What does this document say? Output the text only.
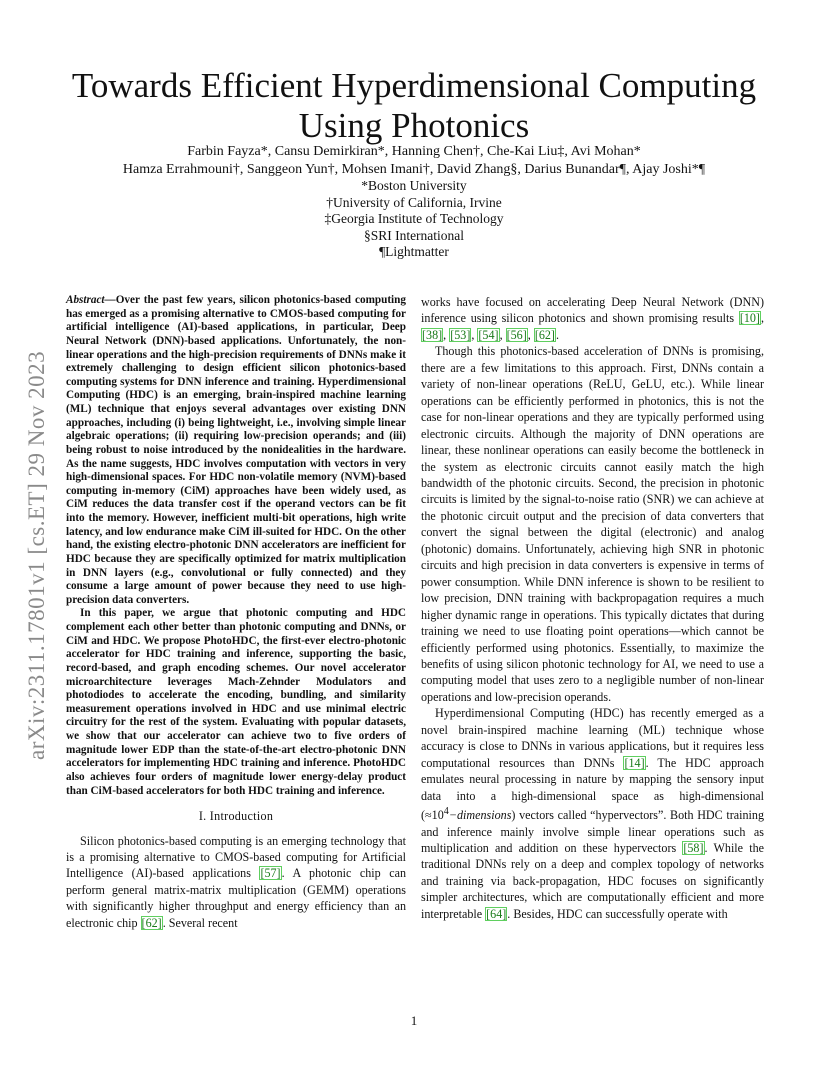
arXiv:2311.17801v1 [cs.ET] 29 Nov 2023
Towards Efficient Hyperdimensional Computing
Using Photonics
Farbin Fayza*, Cansu Demirkiran*, Hanning Chen†, Che-Kai Liu‡, Avi Mohan*
Hamza Errahmouni†, Sanggeon Yun†, Mohsen Imani†, David Zhang§, Darius Bunandar¶, Ajay Joshi*¶
*Boston University
†University of California, Irvine
‡Georgia Institute of Technology
§SRI International
¶Lightmatter

Abstract—Over the past few years, silicon photonics-based computing has emerged as a promising alternative to CMOS-based computing for artificial intelligence (AI)-based applications, in particular, Deep Neural Network (DNN)-based applications. Unfortunately, the non-linear operations and the high-precision requirements of DNNs make it extremely challenging to design efficient silicon photonics-based computing systems for DNN inference and training. Hyperdimensional Computing (HDC) is an emerging, brain-inspired machine learning (ML) technique that enjoys several advantages over existing DNN approaches, including (i) being lightweight, i.e., involving simple linear algebraic operations; (ii) requiring low-precision operands; and (iii) being robust to noise introduced by the nonidealities in the hardware. As the name suggests, HDC involves computation with vectors in very high-dimensional spaces. For HDC non-volatile memory (NVM)-based computing in-memory (CiM) approaches have been widely used, as CiM reduces the data transfer cost if the operand vectors can be fit into the memory. However, inefficient multi-bit operations, high write latency, and low endurance make CiM ill-suited for HDC. On the other hand, the existing electro-photonic DNN accelerators are inefficient for HDC because they are specifically optimized for matrix multiplication in DNN layers (e.g., convolutional or fully connected) and they consume a large amount of power because they need to use high-precision data converters.

In this paper, we argue that photonic computing and HDC complement each other better than photonic computing and DNNs, or CiM and HDC. We propose PhotoHDC, the first-ever electro-photonic accelerator for HDC training and inference, supporting the basic, record-based, and graph encoding schemes. Our novel accelerator microarchitecture leverages Mach-Zehnder Modulators and photodiodes to accelerate the encoding, bundling, and similarity measurement operations involved in HDC and use minimal electric circuitry for the rest of the system. Evaluating with popular datasets, we show that our accelerator can achieve two to five orders of magnitude lower EDP than the state-of-the-art electro-photonic DNN accelerators for implementing HDC training and inference. PhotoHDC also achieves four orders of magnitude lower energy-delay product than CiM-based accelerators for both HDC training and inference.

I. Introduction

Silicon photonics-based computing is an emerging technology that is a promising alternative to CMOS-based computing for Artificial Intelligence (AI)-based applications [57]. A photonic chip can perform general matrix-matrix multiplication (GEMM) operations with significantly higher throughput and energy efficiency than an electronic chip [62]. Several recent

works have focused on accelerating Deep Neural Network (DNN) inference using silicon photonics and shown promising results [10], [38], [53], [54], [56], [62].

Though this photonics-based acceleration of DNNs is promising, there are a few limitations to this approach. First, DNNs contain a variety of non-linear operations (ReLU, GeLU, etc.). While linear operations can be efficiently performed in photonics, this is not the case for non-linear operations and they are typically performed using electronic circuits. Although the majority of DNN operations are linear, these nonlinear operations can easily become the bottleneck in the system as electronic circuits cannot easily match the high bandwidth of the photonic circuits. Second, the precision in photonic circuits is limited by the signal-to-noise ratio (SNR) we can achieve at the photonic circuit output and the precision of data converters that convert the signal between the digital (electronic) and analog (photonic) domains. Unfortunately, achieving high SNR in photonic circuits and high precision in data converters is expensive in terms of power consumption. While DNN inference is shown to be resilient to low precision, DNN training with backpropagation requires a much higher dynamic range in operations. This typically dictates that during training we need to use floating point operations—which cannot be efficiently performed using photonics. Essentially, to maximize the benefits of using silicon photonic technology for AI, we need to use a computing model that uses zero to a negligible number of non-linear operations and low-precision operands.

Hyperdimensional Computing (HDC) has recently emerged as a novel brain-inspired machine learning (ML) technique whose accuracy is close to DNNs in various applications, but it requires less computational resources than DNNs [14]. The HDC approach emulates neural processing in nature by mapping the sensory input data into a high-dimensional space as high-dimensional $(\approx 10^4-dimensions)$ vectors called “hypervectors”. Both HDC training and inference mainly involve simple linear operations such as multiplication and addition on these hypervectors [58]. While the traditional DNNs rely on a deep and complex topology of networks and training via back-propagation, HDC focuses on significantly simpler architectures, which are computationally efficient and more interpretable [64]. Besides, HDC can successfully operate with

1
